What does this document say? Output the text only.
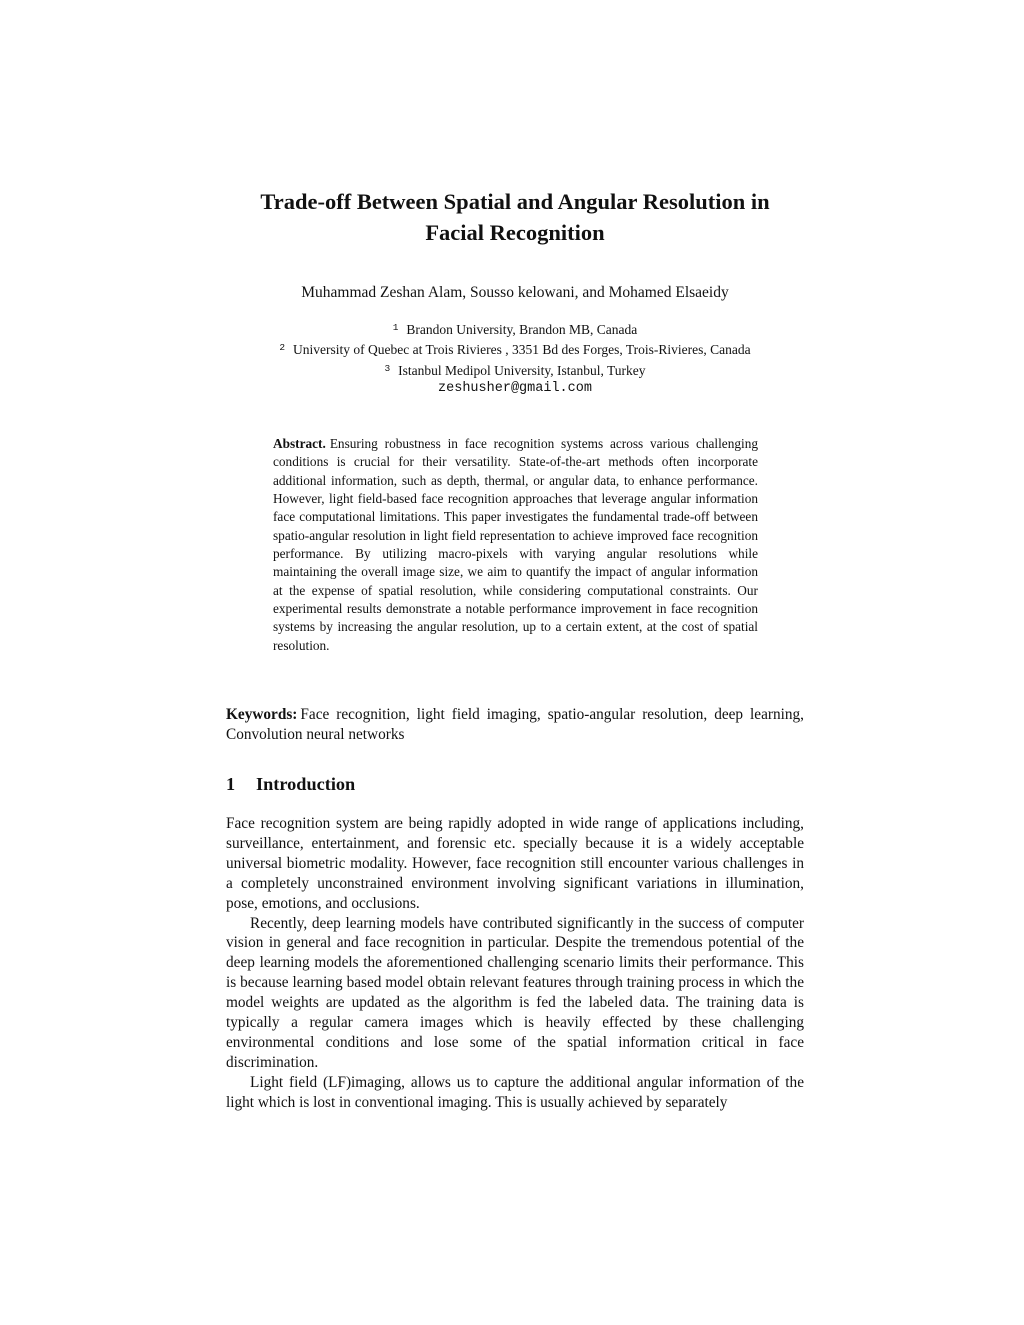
Trade-off Between Spatial and Angular Resolution in
Facial Recognition
Muhammad Zeshan Alam, Sousso kelowani, and Mohamed Elsaeidy
$^1$ Brandon University, Brandon MB, Canada
$^2$ University of Quebec at Trois Rivieres , 3351 Bd des Forges, Trois-Rivieres, Canada
$^3$ Istanbul Medipol University, Istanbul, Turkey
zeshusher@gmail.com
Abstract. Ensuring robustness in face recognition systems across various challenging conditions is crucial for their versatility. State-of-the-art methods often incorporate additional information, such as depth, thermal, or angular data, to enhance performance. However, light field-based face recognition approaches that leverage angular information face computational limitations. This paper investigates the fundamental trade-off between spatio-angular resolution in light field representation to achieve improved face recognition performance. By utilizing macro-pixels with varying angular resolutions while maintaining the overall image size, we aim to quantify the impact of angular information at the expense of spatial resolution, while considering computational constraints. Our experimental results demonstrate a notable performance improvement in face recognition systems by increasing the angular resolution, up to a certain extent, at the cost of spatial resolution.
Keywords: Face recognition, light field imaging, spatio-angular resolution, deep learning, Convolution neural networks
1 Introduction

Face recognition system are being rapidly adopted in wide range of applications including, surveillance, entertainment, and forensic etc. specially because it is a widely acceptable universal biometric modality. However, face recognition still encounter various challenges in a completely unconstrained environment involving significant variations in illumination, pose, emotions, and occlusions.

Recently, deep learning models have contributed significantly in the success of computer vision in general and face recognition in particular. Despite the tremendous potential of the deep learning models the aforementioned challenging scenario limits their performance. This is because learning based model obtain relevant features through training process in which the model weights are updated as the algorithm is fed the labeled data. The training data is typically a regular camera images which is heavily effected by these challenging environmental conditions and lose some of the spatial information critical in face discrimination.

Light field (LF)imaging, allows us to capture the additional angular information of the light which is lost in conventional imaging. This is usually achieved by separately
